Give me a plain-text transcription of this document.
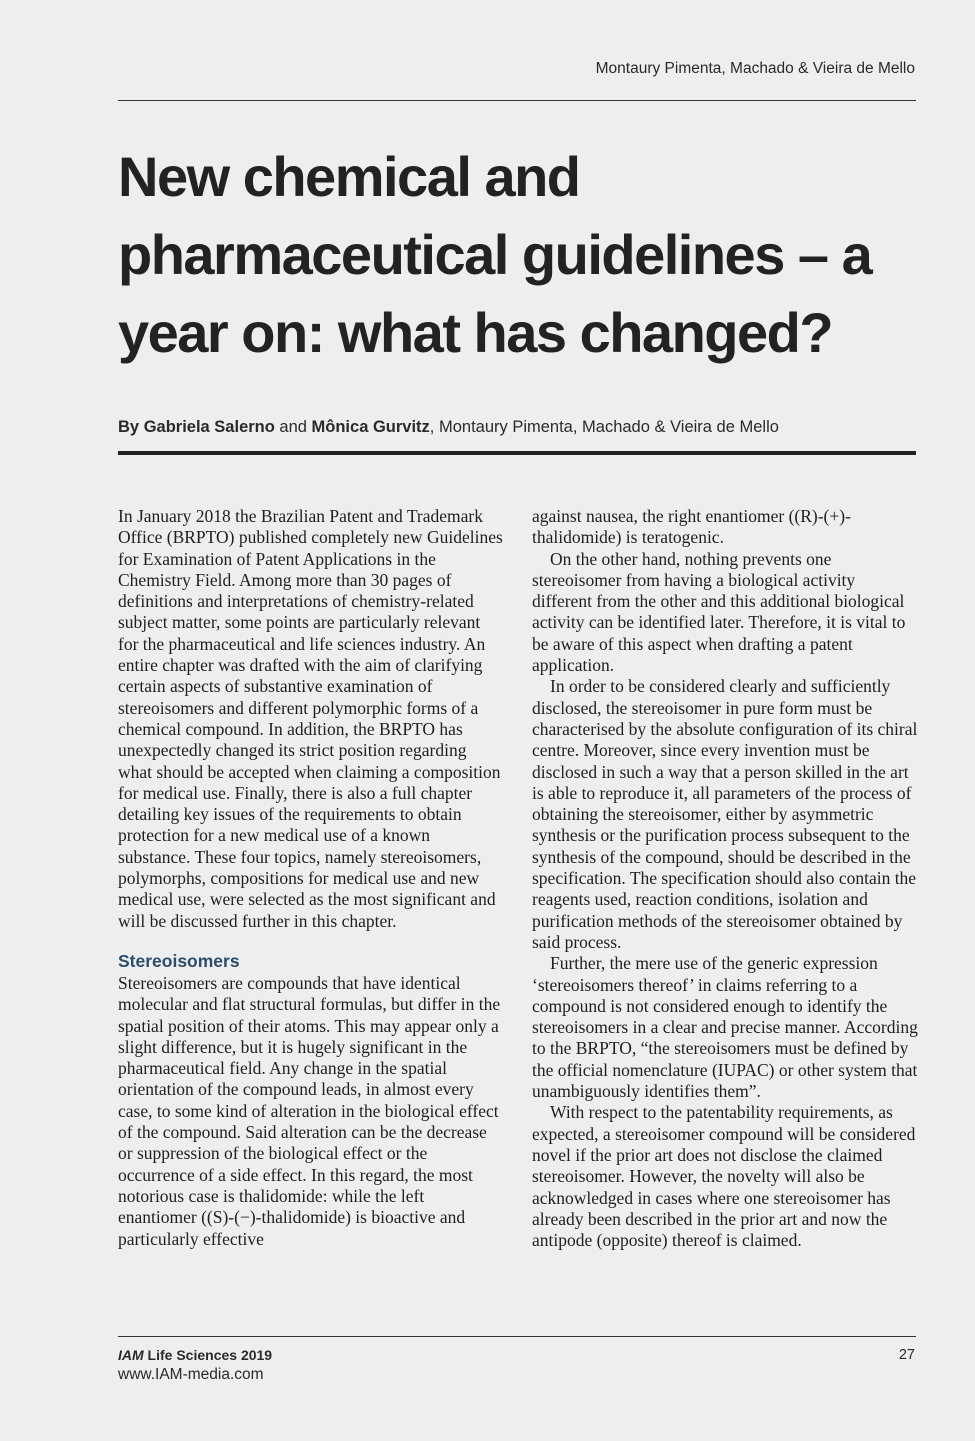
Montaury Pimenta, Machado & Vieira de Mello
New chemical and
pharmaceutical guidelines – a
year on: what has changed?
By Gabriela Salerno and Mônica Gurvitz, Montaury Pimenta, Machado & Vieira de Mello

In January 2018 the Brazilian Patent and Trademark Office (BRPTO) published completely new Guidelines for Examination of Patent Applications in the Chemistry Field. Among more than 30 pages of definitions and interpretations of chemistry-related subject matter, some points are particularly relevant for the pharmaceutical and life sciences industry. An entire chapter was drafted with the aim of clarifying certain aspects of substantive examination of stereoisomers and different polymorphic forms of a chemical compound. In addition, the BRPTO has unexpectedly changed its strict position regarding what should be accepted when claiming a composition for medical use. Finally, there is also a full chapter detailing key issues of the requirements to obtain protection for a new medical use of a known substance. These four topics, namely stereoisomers, polymorphs, compositions for medical use and new medical use, were selected as the most significant and will be discussed further in this chapter.

Stereoisomers

Stereoisomers are compounds that have identical molecular and flat structural formulas, but differ in the spatial position of their atoms. This may appear only a slight difference, but it is hugely significant in the pharmaceutical field. Any change in the spatial orientation of the compound leads, in almost every case, to some kind of alteration in the biological effect of the compound. Said alteration can be the decrease or suppression of the biological effect or the occurrence of a side effect. In this regard, the most notorious case is thalidomide: while the left enantiomer ((S)-(−)-thalidomide) is bioactive and particularly effective

against nausea, the right enantiomer ((R)-(+)-thalidomide) is teratogenic.

On the other hand, nothing prevents one stereoisomer from having a biological activity different from the other and this additional biological activity can be identified later. Therefore, it is vital to be aware of this aspect when drafting a patent application.

In order to be considered clearly and sufficiently disclosed, the stereoisomer in pure form must be characterised by the absolute configuration of its chiral centre. Moreover, since every invention must be disclosed in such a way that a person skilled in the art is able to reproduce it, all parameters of the process of obtaining the stereoisomer, either by asymmetric synthesis or the purification process subsequent to the synthesis of the compound, should be described in the specification. The specification should also contain the reagents used, reaction conditions, isolation and purification methods of the stereoisomer obtained by said process.

Further, the mere use of the generic expression ‘stereoisomers thereof’ in claims referring to a compound is not considered enough to identify the stereoisomers in a clear and precise manner. According to the BRPTO, “the stereoisomers must be defined by the official nomenclature (IUPAC) or other system that unambiguously identifies them”.

With respect to the patentability requirements, as expected, a stereoisomer compound will be considered novel if the prior art does not disclose the claimed stereoisomer. However, the novelty will also be acknowledged in cases where one stereoisomer has already been described in the prior art and now the antipode (opposite) thereof is claimed.

IAM Life Sciences 2019
www.IAM-media.com
27
